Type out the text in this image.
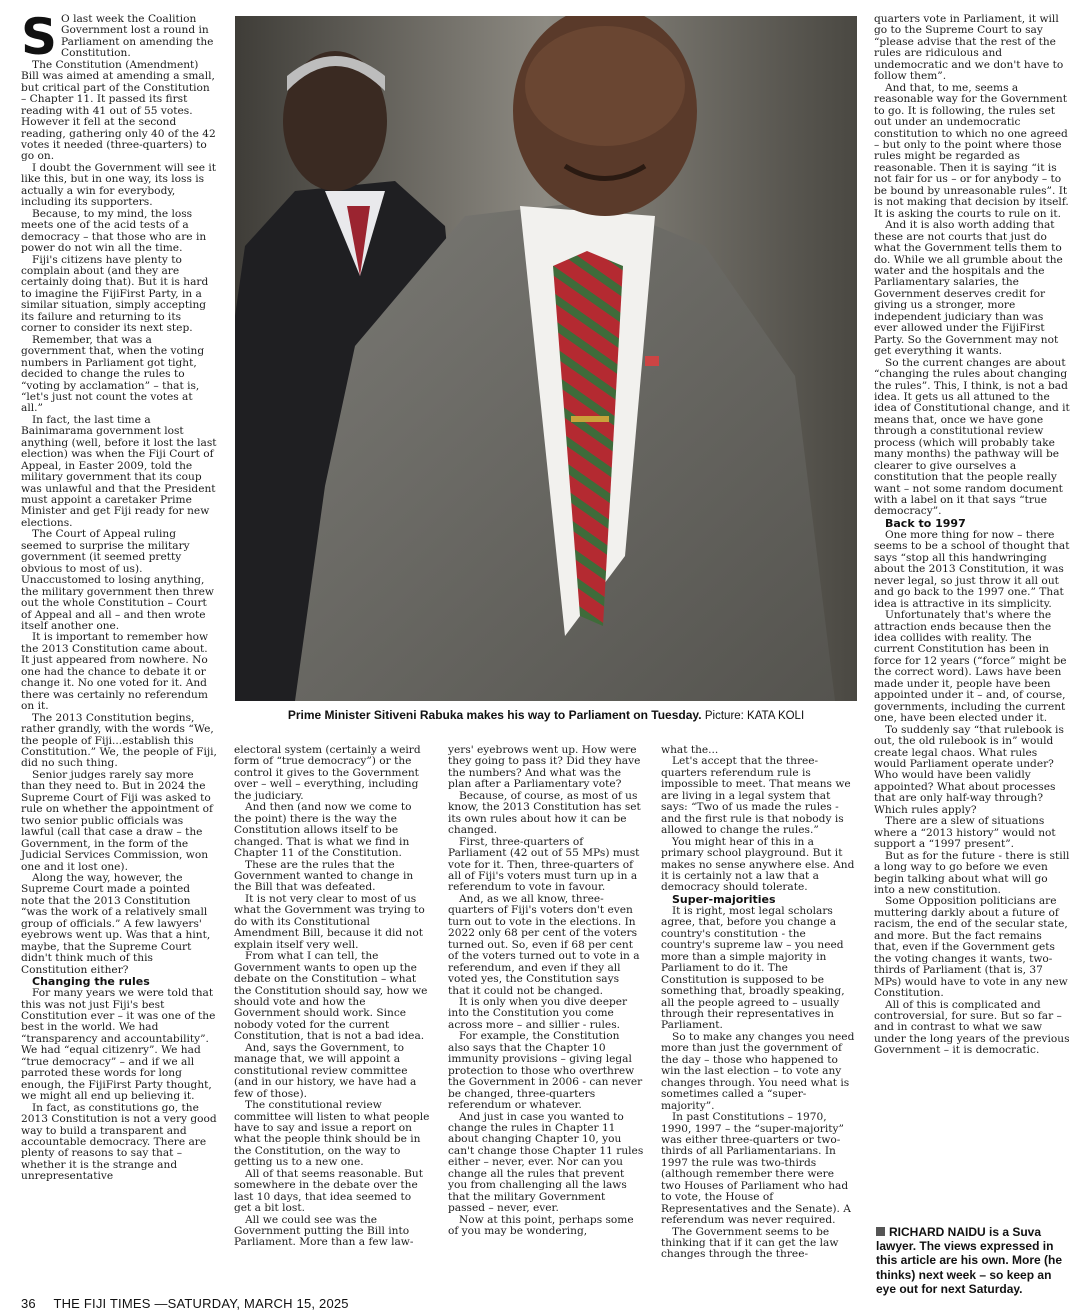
S O last week the Coalition Government lost a round in Parliament on amending the Constitution.

The Constitution (Amendment) Bill was aimed at amending a small, but critical part of the Constitution – Chapter 11. It passed its first reading with 41 out of 55 votes. However it fell at the second reading, gathering only 40 of the 42 votes it needed (three-quarters) to go on.

I doubt the Government will see it like this, but in one way, its loss is actually a win for everybody, including its supporters.

Because, to my mind, the loss meets one of the acid tests of a democracy – that those who are in power do not win all the time.

Fiji's citizens have plenty to complain about (and they are certainly doing that). But it is hard to imagine the FijiFirst Party, in a similar situation, simply accepting its failure and returning to its corner to consider its next step.

Remember, that was a government that, when the voting numbers in Parliament got tight, decided to change the rules to “voting by acclamation” – that is, “let's just not count the votes at all.”

In fact, the last time a Bainimarama government lost anything (well, before it lost the last election) was when the Fiji Court of Appeal, in Easter 2009, told the military government that its coup was unlawful and that the President must appoint a caretaker Prime Minister and get Fiji ready for new elections.

The Court of Appeal ruling seemed to surprise the military government (it seemed pretty obvious to most of us). Unaccustomed to losing anything, the military government then threw out the whole Constitution – Court of Appeal and all – and then wrote itself another one.

It is important to remember how the 2013 Constitution came about. It just appeared from nowhere. No one had the chance to debate it or change it. No one voted for it. And there was certainly no referendum on it.

The 2013 Constitution begins, rather grandly, with the words “We, the people of Fiji...establish this Constitution.” We, the people of Fiji, did no such thing.

Senior judges rarely say more than they need to. But in 2024 the Supreme Court of Fiji was asked to rule on whether the appointment of two senior public officials was lawful (call that case a draw – the Government, in the form of the Judicial Services Commission, won one and it lost one).

Along the way, however, the Supreme Court made a pointed note that the 2013 Constitution “was the work of a relatively small group of officials.” A few lawyers' eyebrows went up. Was that a hint, maybe, that the Supreme Court didn't think much of this Constitution either?

Changing the rules

For many years we were told that this was not just Fiji's best Constitution ever – it was one of the best in the world. We had “transparency and accountability”. We had “equal citizenry”. We had “true democracy” – and if we all parroted these words for long enough, the FijiFirst Party thought, we might all end up believing it.

In fact, as constitutions go, the 2013 Constitution is not a very good way to build a transparent and accountable democracy. There are plenty of reasons to say that – whether it is the strange and unrepresentative

Prime Minister Sitiveni Rabuka makes his way to Parliament on Tuesday. Picture: KATA KOLI

electoral system (certainly a weird form of “true democracy”) or the control it gives to the Government over – well – everything, including the judiciary.

And then (and now we come to the point) there is the way the Constitution allows itself to be changed. That is what we find in Chapter 11 of the Constitution.

These are the rules that the Government wanted to change in the Bill that was defeated.

It is not very clear to most of us what the Government was trying to do with its Constitutional Amendment Bill, because it did not explain itself very well.

From what I can tell, the Government wants to open up the debate on the Constitution – what the Constitution should say, how we should vote and how the Government should work. Since nobody voted for the current Constitution, that is not a bad idea.

And, says the Government, to manage that, we will appoint a constitutional review committee (and in our history, we have had a few of those).

The constitutional review committee will listen to what people have to say and issue a report on what the people think should be in the Constitution, on the way to getting us to a new one.

All of that seems reasonable. But somewhere in the debate over the last 10 days, that idea seemed to get a bit lost.

All we could see was the Government putting the Bill into Parliament. More than a few law-

yers' eyebrows went up. How were they going to pass it? Did they have the numbers? And what was the plan after a Parliamentary vote?

Because, of course, as most of us know, the 2013 Constitution has set its own rules about how it can be changed.

First, three-quarters of Parliament (42 out of 55 MPs) must vote for it. Then, three-quarters of all of Fiji's voters must turn up in a referendum to vote in favour.

And, as we all know, three-quarters of Fiji's voters don't even turn out to vote in the elections. In 2022 only 68 per cent of the voters turned out. So, even if 68 per cent of the voters turned out to vote in a referendum, and even if they all voted yes, the Constitution says that it could not be changed.

It is only when you dive deeper into the Constitution you come across more – and sillier - rules.

For example, the Constitution also says that the Chapter 10 immunity provisions – giving legal protection to those who overthrew the Government in 2006 - can never be changed, three-quarters referendum or whatever.

And just in case you wanted to change the rules in Chapter 11 about changing Chapter 10, you can't change those Chapter 11 rules either – never, ever. Nor can you change all the rules that prevent you from challenging all the laws that the military Government passed – never, ever.

Now at this point, perhaps some of you may be wondering,

what the...

Let's accept that the three-quarters referendum rule is impossible to meet. That means we are living in a legal system that says: “Two of us made the rules - and the first rule is that nobody is allowed to change the rules.”

You might hear of this in a primary school playground. But it makes no sense anywhere else. And it is certainly not a law that a democracy should tolerate.

Super-majorities

It is right, most legal scholars agree, that, before you change a country's constitution - the country's supreme law – you need more than a simple majority in Parliament to do it. The Constitution is supposed to be something that, broadly speaking, all the people agreed to – usually through their representatives in Parliament.

So to make any changes you need more than just the government of the day – those who happened to win the last election – to vote any changes through. You need what is sometimes called a “super-majority”.

In past Constitutions – 1970, 1990, 1997 – the “super-majority” was either three-quarters or two-thirds of all Parliamentarians. In 1997 the rule was two-thirds (although remember there were two Houses of Parliament who had to vote, the House of Representatives and the Senate). A referendum was never required.

The Government seems to be thinking that if it can get the law changes through the three-

quarters vote in Parliament, it will go to the Supreme Court to say “please advise that the rest of the rules are ridiculous and undemocratic and we don't have to follow them”.

And that, to me, seems a reasonable way for the Government to go. It is following, the rules set out under an undemocratic constitution to which no one agreed – but only to the point where those rules might be regarded as reasonable. Then it is saying “it is not fair for us – or for anybody – to be bound by unreasonable rules”. It is not making that decision by itself. It is asking the courts to rule on it.

And it is also worth adding that these are not courts that just do what the Government tells them to do. While we all grumble about the water and the hospitals and the Parliamentary salaries, the Government deserves credit for giving us a stronger, more independent judiciary than was ever allowed under the FijiFirst Party. So the Government may not get everything it wants.

So the current changes are about “changing the rules about changing the rules”. This, I think, is not a bad idea. It gets us all attuned to the idea of Constitutional change, and it means that, once we have gone through a constitutional review process (which will probably take many months) the pathway will be clearer to give ourselves a constitution that the people really want – not some random document with a label on it that says “true democracy”.

Back to 1997

One more thing for now – there seems to be a school of thought that says “stop all this handwringing about the 2013 Constitution, it was never legal, so just throw it all out and go back to the 1997 one.” That idea is attractive in its simplicity.

Unfortunately that's where the attraction ends because then the idea collides with reality. The current Constitution has been in force for 12 years (“force” might be the correct word). Laws have been made under it, people have been appointed under it – and, of course, governments, including the current one, have been elected under it.

To suddenly say “that rulebook is out, the old rulebook is in” would create legal chaos. What rules would Parliament operate under? Who would have been validly appointed? What about processes that are only half-way through? Which rules apply?

There are a slew of situations where a “2013 history” would not support a “1997 present”.

But as for the future - there is still a long way to go before we even begin talking about what will go into a new constitution.

Some Opposition politicians are muttering darkly about a future of racism, the end of the secular state, and more. But the fact remains that, even if the Government gets the voting changes it wants, two-thirds of Parliament (that is, 37 MPs) would have to vote in any new Constitution.

All of this is complicated and controversial, for sure. But so far – and in contrast to what we saw under the long years of the previous Government – it is democratic.

RICHARD NAIDU is a Suva lawyer. The views expressed in this article are his own. More (he thinks) next week – so keep an eye out for next Saturday.
36 THE FIJI TIMES —SATURDAY, MARCH 15, 2025
